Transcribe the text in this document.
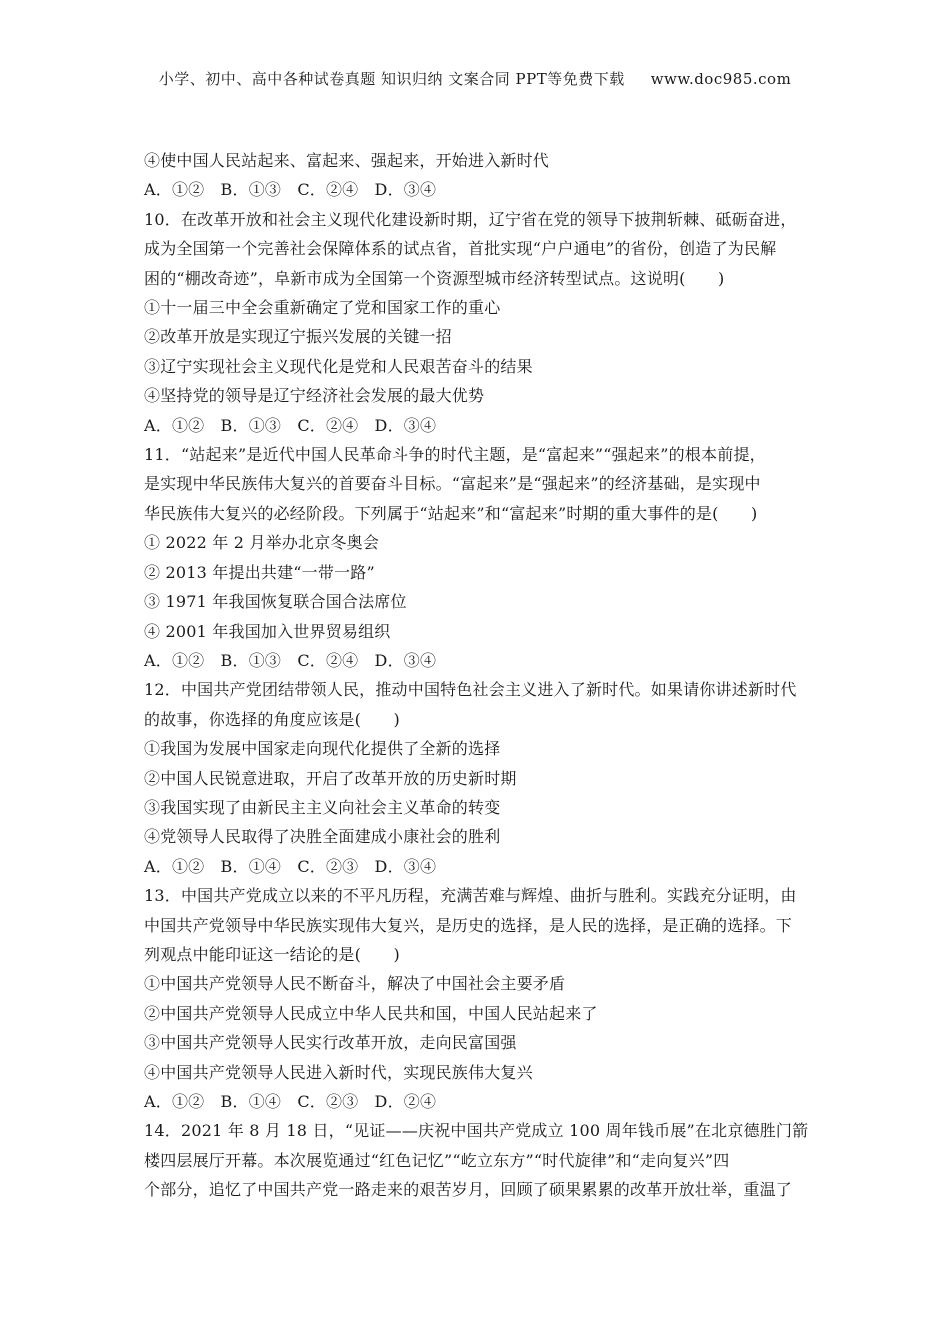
小学、初中、高中各种试卷真题 知识归纳 文案合同 PPT等免费下载 www.doc985.com
④使中国人民站起来、富起来、强起来，开始进入新时代
A．①②　B．①③　C．②④　D．③④
10．在改革开放和社会主义现代化建设新时期，辽宁省在党的领导下披荆斩棘、砥砺奋进，
成为全国第一个完善社会保障体系的试点省，首批实现“户户通电”的省份，创造了为民解
困的“棚改奇迹”，阜新市成为全国第一个资源型城市经济转型试点。这说明(　　)
①十一届三中全会重新确定了党和国家工作的重心
②改革开放是实现辽宁振兴发展的关键一招
③辽宁实现社会主义现代化是党和人民艰苦奋斗的结果
④坚持党的领导是辽宁经济社会发展的最大优势
A．①②　B．①③　C．②④　D．③④
11．“站起来”是近代中国人民革命斗争的时代主题，是“富起来”“强起来”的根本前提，
是实现中华民族伟大复兴的首要奋斗目标。“富起来”是“强起来”的经济基础，是实现中
华民族伟大复兴的必经阶段。下列属于“站起来”和“富起来”时期的重大事件的是(　　)
① 2022 年 2 月举办北京冬奥会
② 2013 年提出共建“一带一路”
③ 1971 年我国恢复联合国合法席位
④ 2001 年我国加入世界贸易组织
A．①②　B．①③　C．②④　D．③④
12．中国共产党团结带领人民，推动中国特色社会主义进入了新时代。如果请你讲述新时代
的故事，你选择的角度应该是(　　)
①我国为发展中国家走向现代化提供了全新的选择
②中国人民锐意进取，开启了改革开放的历史新时期
③我国实现了由新民主主义向社会主义革命的转变
④党领导人民取得了决胜全面建成小康社会的胜利
A．①②　B．①④　C．②③　D．③④
13．中国共产党成立以来的不平凡历程，充满苦难与辉煌、曲折与胜利。实践充分证明，由
中国共产党领导中华民族实现伟大复兴，是历史的选择，是人民的选择，是正确的选择。下
列观点中能印证这一结论的是(　　)
①中国共产党领导人民不断奋斗，解决了中国社会主要矛盾
②中国共产党领导人民成立中华人民共和国，中国人民站起来了
③中国共产党领导人民实行改革开放，走向民富国强
④中国共产党领导人民进入新时代，实现民族伟大复兴
A．①②　B．①④　C．②③　D．②④
14．2021 年 8 月 18 日，“见证——庆祝中国共产党成立 100 周年钱币展”在北京德胜门箭
楼四层展厅开幕。本次展览通过“红色记忆”“屹立东方”“时代旋律”和“走向复兴”四
个部分，追忆了中国共产党一路走来的艰苦岁月，回顾了硕果累累的改革开放壮举，重温了
